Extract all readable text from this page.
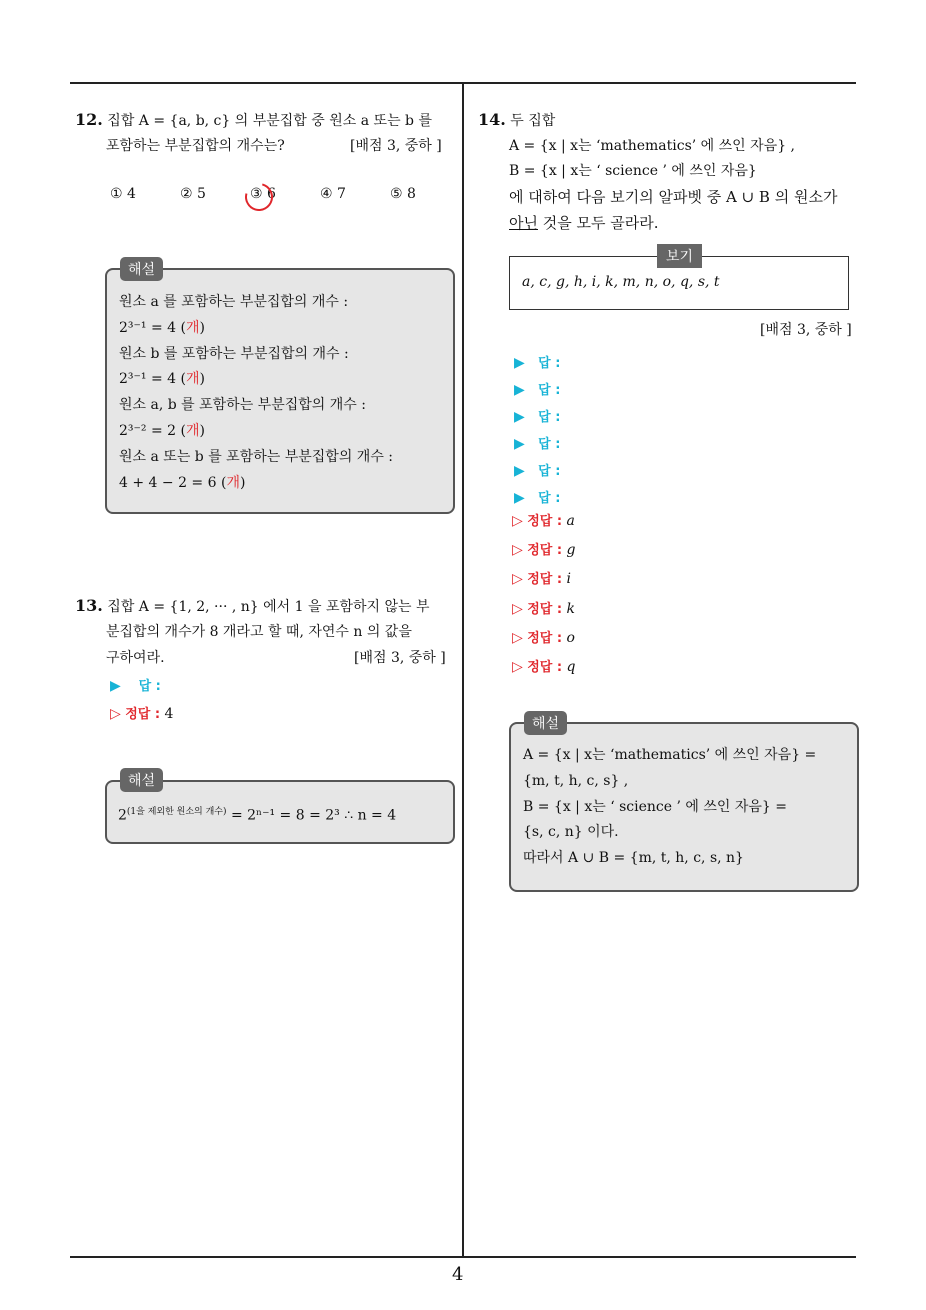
4
12. 집합 A = {a, b, c} 의 부분집합 중 원소 a 또는 b 를
포함하는 부분집합의 개수는?	[배점 3, 중하 ]
① 4	② 5	③ 6	④ 7	⑤ 8
해설
원소 a 를 포함하는 부분집합의 개수 :
2³⁻¹ = 4 (개)
원소 b 를 포함하는 부분집합의 개수 :
2³⁻¹ = 4 (개)
원소 a, b 를 포함하는 부분집합의 개수 :
2³⁻² = 2 (개)
원소 a 또는 b 를 포함하는 부분집합의 개수 :
4 + 4 − 2 = 6 (개)
13. 집합 A = {1, 2, ··· , n} 에서 1 을 포함하지 않는 부
분집합의 개수가 8 개라고 할 때, 자연수 n 의 값을
구하여라.	[배점 3, 중하 ]
▶ 답 :
▷ 정답 : 4
해설
$2^{(1을 제외한 원소의 개수)} = 2^{n-1} = 8 = 2^3$ ∴ n = 4
14. 두 집합
A = {x | x는 ‘mathematics’ 에 쓰인 자음} ,
B = {x | x는 ‘ science ’ 에 쓰인 자음}
에 대하여 다음 보기의 알파벳 중 A ∪ B 의 원소가
아닌 것을 모두 골라라.
보기
a, c, g, h, i, k, m, n, o, q, s, t
[배점 3, 중하 ]
▶ 답 :
▶ 답 :
▶ 답 :
▶ 답 :
▶ 답 :
▶ 답 :
▷ 정답 : a
▷ 정답 : g
▷ 정답 : i
▷ 정답 : k
▷ 정답 : o
▷ 정답 : q
해설
A = {x | x는 ‘mathematics’ 에 쓰인 자음} =
{m, t, h, c, s} ,
B = {x | x는 ‘ science ’ 에 쓰인 자음} =
{s, c, n} 이다.
따라서 A ∪ B = {m, t, h, c, s, n}
